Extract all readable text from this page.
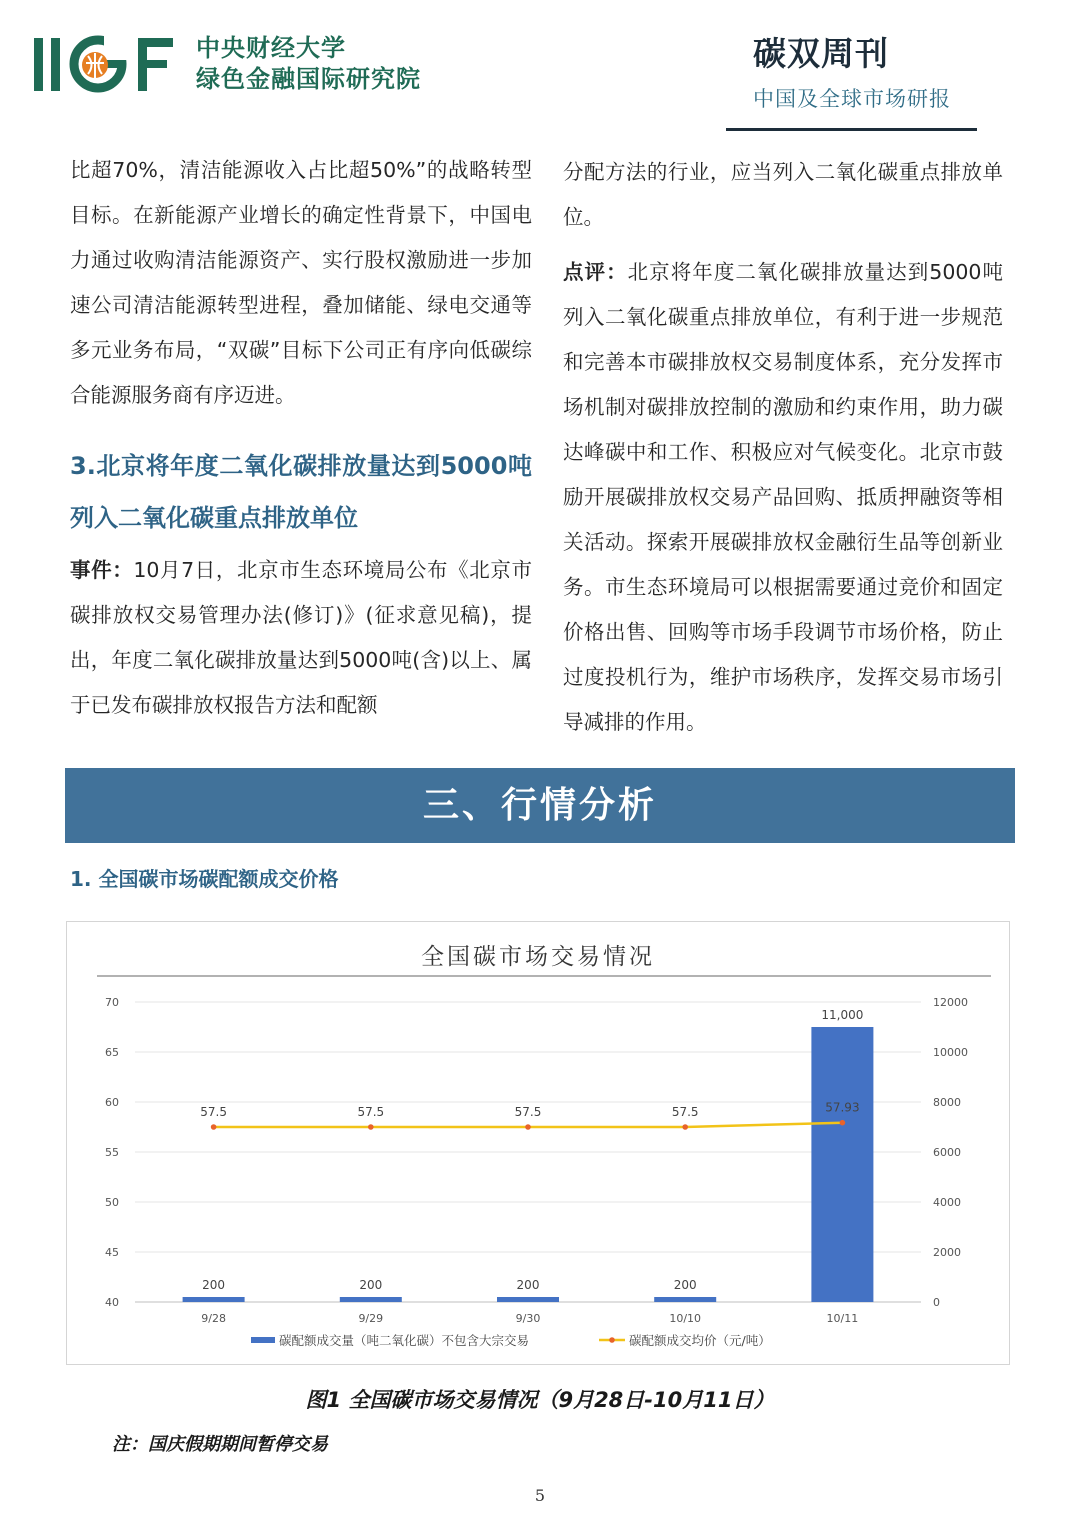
中央财经大学
绿色金融国际研究院
碳双周刊
中国及全球市场研报

比超70%，清洁能源收入占比超50%”的战略转型目标。在新能源产业增长的确定性背景下，中国电力通过收购清洁能源资产、实行股权激励进一步加速公司清洁能源转型进程，叠加储能、绿电交通等多元业务布局，“双碳”目标下公司正有序向低碳综合能源服务商有序迈进。

3.北京将年度二氧化碳排放量达到5000吨列入二氧化碳重点排放单位

事件：10月7日，北京市生态环境局公布《北京市碳排放权交易管理办法(修订)》(征求意见稿)，提出，年度二氧化碳排放量达到5000吨(含)以上、属于已发布碳排放权报告方法和配额

分配方法的行业，应当列入二氧化碳重点排放单位。

点评：北京将年度二氧化碳排放量达到5000吨列入二氧化碳重点排放单位，有利于进一步规范和完善本市碳排放权交易制度体系，充分发挥市场机制对碳排放控制的激励和约束作用，助力碳达峰碳中和工作、积极应对气候变化。北京市鼓励开展碳排放权交易产品回购、抵质押融资等相关活动。探索开展碳排放权金融衍生品等创新业务。市生态环境局可以根据需要通过竞价和固定价格出售、回购等市场手段调节市场价格，防止过度投机行为，维护市场秩序，发挥交易市场引导减排的作用。

三、行情分析
1. 全国碳市场碳配额成交价格
全国碳市场交易情况
40
45
50
55
60
65
70
0
2000
4000
6000
8000
10000
12000
200	200	200	200
11,000
57.5	57.5	57.5	57.5	57.93
9/28	9/29	9/30	10/10	10/11
碳配额成交量（吨二氧化碳）不包含大宗交易	碳配额成交均价（元/吨）
图1 全国碳市场交易情况（9月28日-10月11日）
注：国庆假期期间暂停交易
5
